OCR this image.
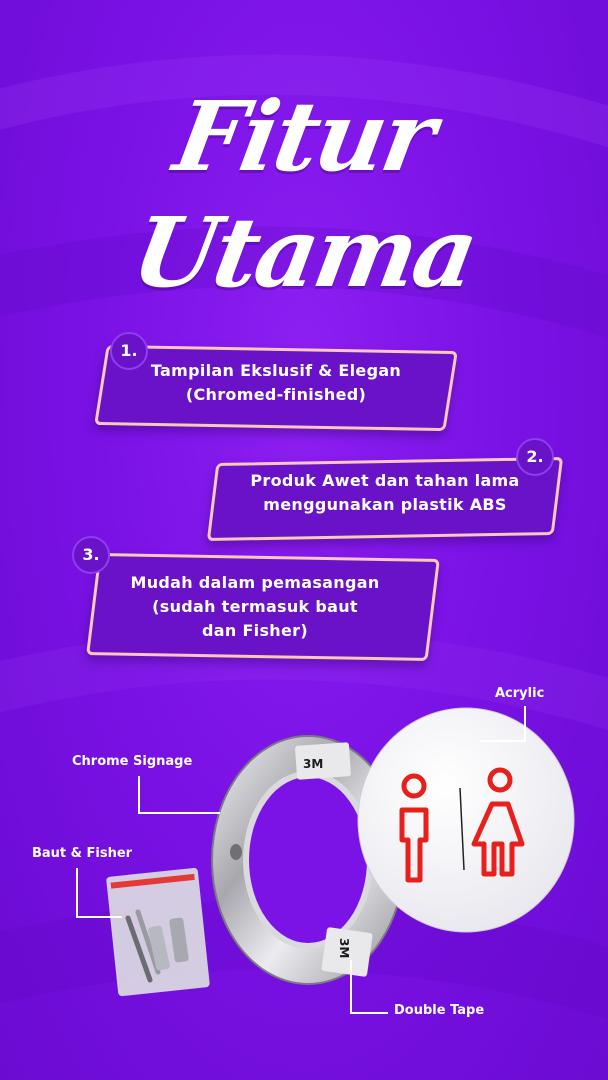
Fitur
Utama
Tampilan Ekslusif & Elegan
(Chromed-finished)
1.
Produk Awet dan tahan lama
menggunakan plastik ABS
2.
Mudah dalam pemasangan
(sudah termasuk baut
dan Fisher)
3.
3M
3M
Acrylic
Chrome Signage
Baut & Fisher
Double Tape
